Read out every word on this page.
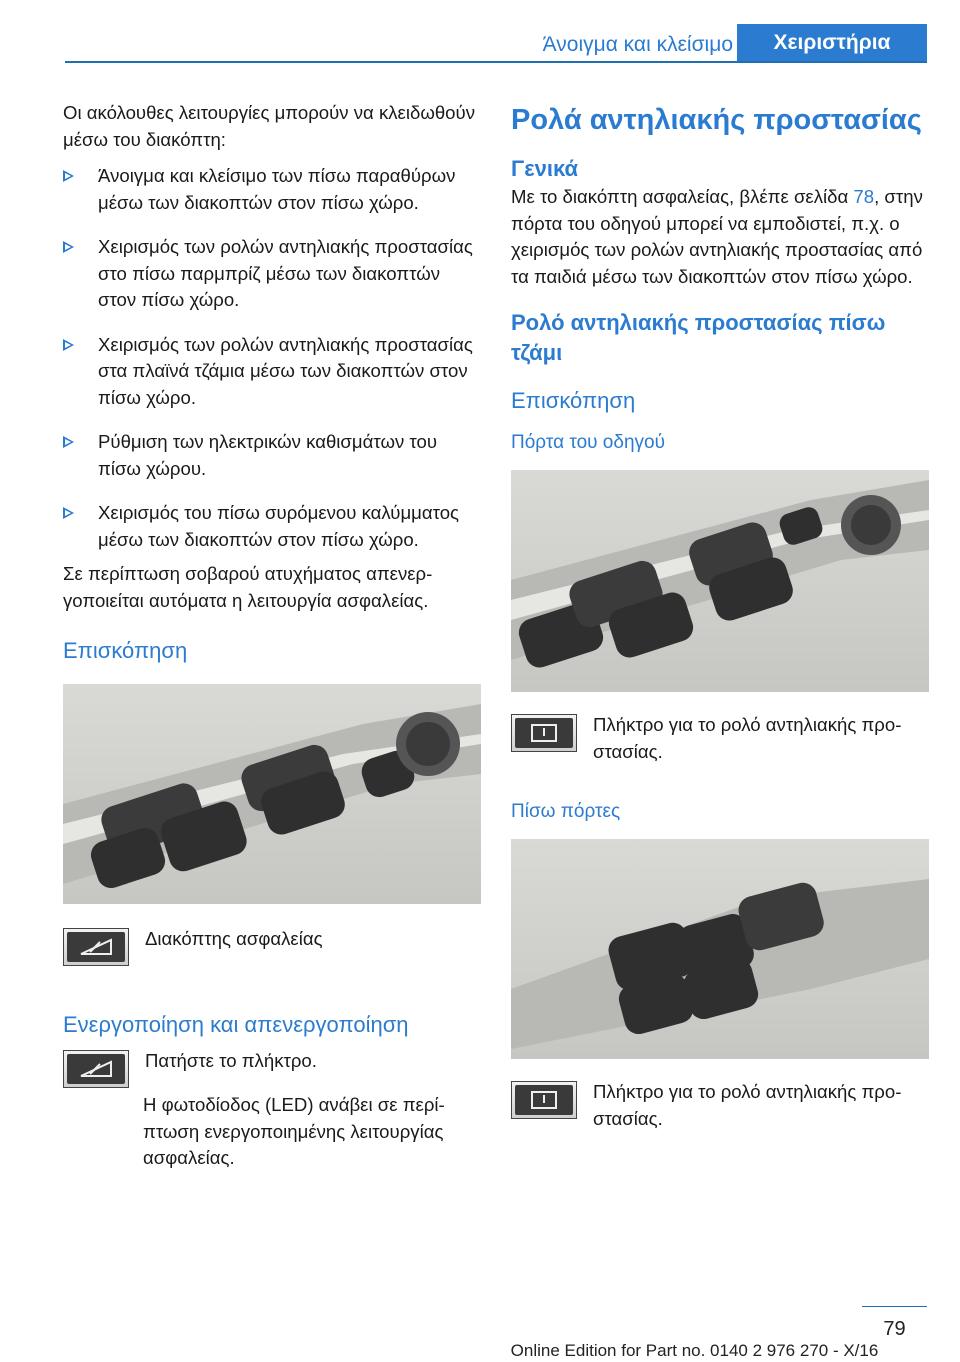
Άνοιγμα και κλείσιμο	Χειριστήρια

Οι ακόλουθες λειτουργίες μπορούν να κλειδωθούν μέσω του διακόπτη:

Άνοιγμα και κλείσιμο των πίσω παραθύρων μέσω των διακοπτών στον πίσω χώρο.
Χειρισμός των ρολών αντηλιακής προστασίας στο πίσω παρμπρίζ μέσω των διακοπτών στον πίσω χώρο.
Χειρισμός των ρολών αντηλιακής προστασίας στα πλαϊνά τζάμια μέσω των διακοπτών στον πίσω χώρο.
Ρύθμιση των ηλεκτρικών καθισμάτων του πίσω χώρου.
Χειρισμός του πίσω συρόμενου καλύμματος μέσω των διακοπτών στον πίσω χώρο.

Σε περίπτωση σοβαρού ατυχήματος απενεργοποιείται αυτόματα η λειτουργία ασφαλείας.

Επισκόπηση
Διακόπτης ασφαλείας
Ενεργοποίηση και απενεργοποίηση
Πατήστε το πλήκτρο.

Η φωτοδίοδος (LED) ανάβει σε περίπτωση ενεργοποιημένης λειτουργίας ασφαλείας.

Ρολά αντηλιακής προστασίας
Γενικά

Με το διακόπτη ασφαλείας, βλέπε σελίδα 78, στην πόρτα του οδηγού μπορεί να εμποδιστεί, π.χ. ο χειρισμός των ρολών αντηλιακής προστασίας από τα παιδιά μέσω των διακοπτών στον πίσω χώρο.

Ρολό αντηλιακής προστασίας πίσω τζάμι
Επισκόπηση
Πόρτα του οδηγού
Πλήκτρο για το ρολό αντηλιακής προστασίας.
Πίσω πόρτες
Πλήκτρο για το ρολό αντηλιακής προστασίας.
79
Online Edition for Part no. 0140 2 976 270 - X/16
